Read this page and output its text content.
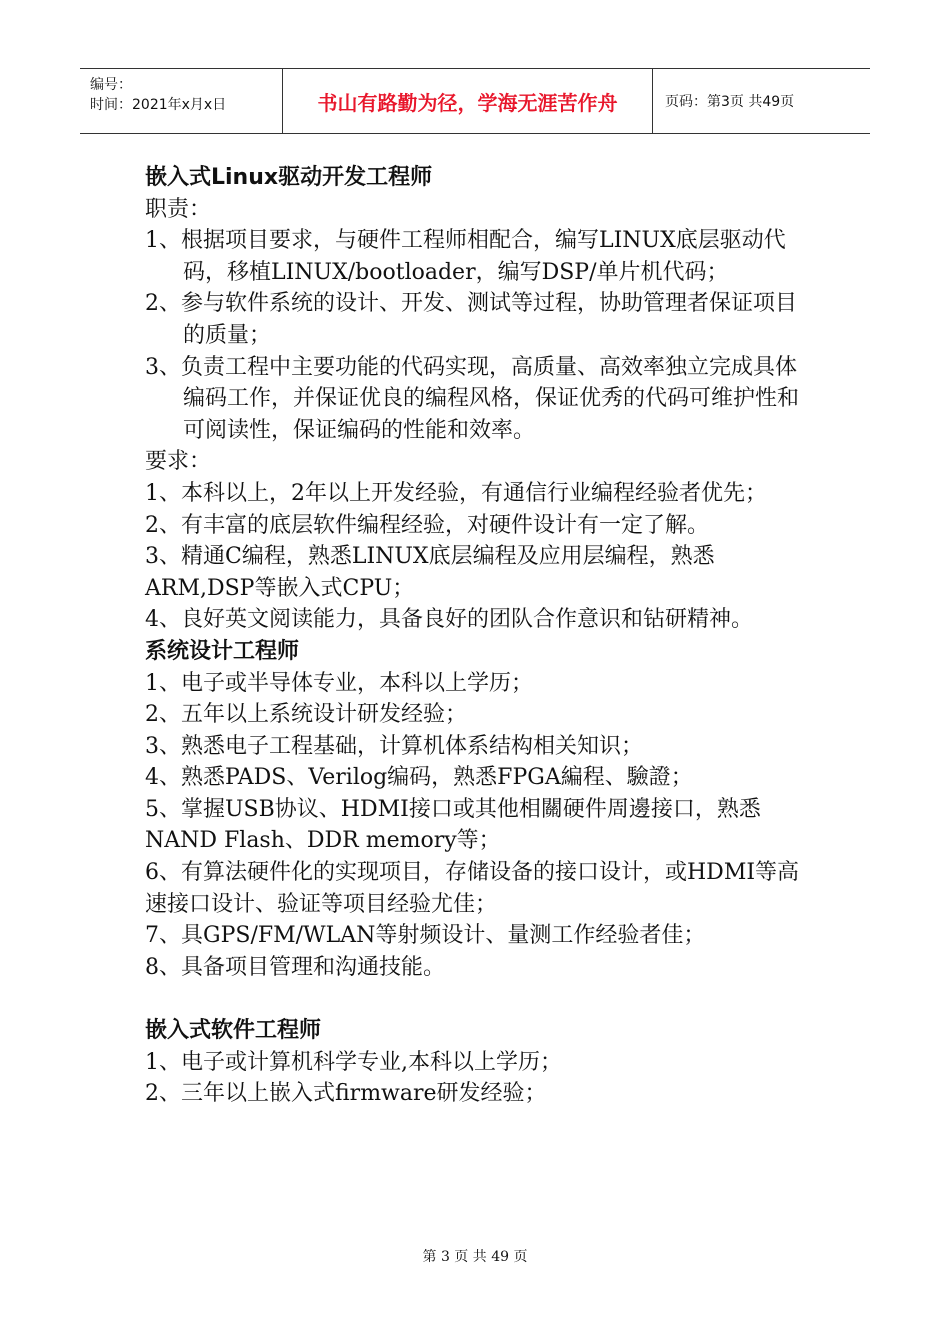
编号：
时间：2021年x月x日	书山有路勤为径，学海无涯苦作舟	页码：第3页 共49页

嵌入式Linux驱动开发工程师

职责：

1、根据项目要求，与硬件工程师相配合，编写LINUX底层驱动代码，移植LINUX/bootloader，编写DSP/单片机代码；

2、参与软件系统的设计、开发、测试等过程，协助管理者保证项目的质量；

3、负责工程中主要功能的代码实现，高质量、高效率独立完成具体编码工作，并保证优良的编程风格，保证优秀的代码可维护性和可阅读性，保证编码的性能和效率。

要求：

1、本科以上，2年以上开发经验，有通信行业编程经验者优先；

2、有丰富的底层软件编程经验，对硬件设计有一定了解。

3、精通C编程，熟悉LINUX底层编程及应用层编程，熟悉ARM,DSP等嵌入式CPU；

4、良好英文阅读能力，具备良好的团队合作意识和钻研精神。

系统设计工程师

1、电子或半导体专业，本科以上学历；

2、五年以上系统设计研发经验；

3、熟悉电子工程基础，计算机体系结构相关知识；

4、熟悉PADS、Verilog编码，熟悉FPGA編程、驗證；

5、掌握USB协议、HDMI接口或其他相關硬件周邊接口，熟悉NAND Flash、DDR memory等；

6、有算法硬件化的实现项目，存储设备的接口设计，或HDMI等高速接口设计、验证等项目经验尤佳；

7、具GPS/FM/WLAN等射频设计、量测工作经验者佳；

8、具备项目管理和沟通技能。

嵌入式软件工程师

1、电子或计算机科学专业,本科以上学历；

2、三年以上嵌入式firmware研发经验；

第 3 页 共 49 页
